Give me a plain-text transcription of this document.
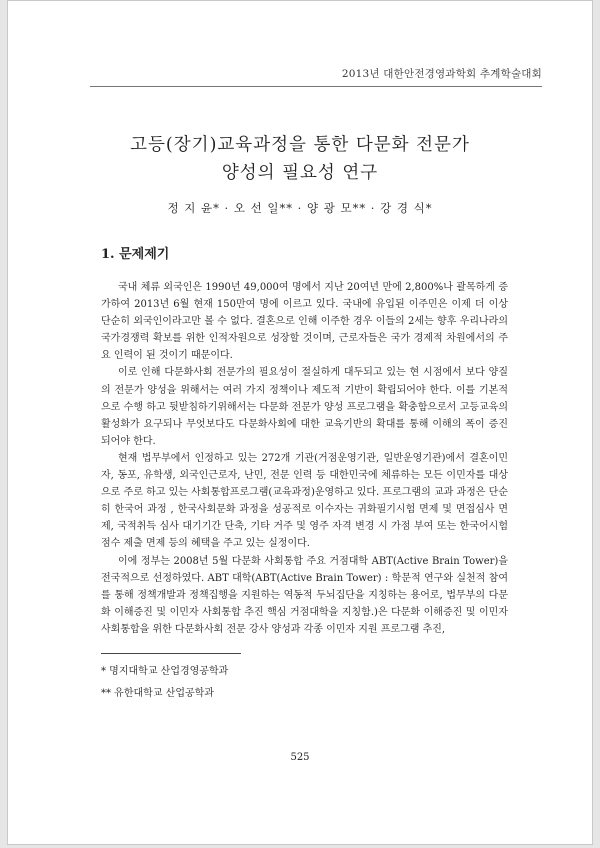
2013년 대한안전경영과학회 추계학술대회
고등(장기)교육과정을 통한 다문화 전문가
양성의 필요성 연구
정 지 윤* · 오 선 일** · 양 광 모** · 강 경 식*
1. 문제제기

국내 체류 외국인은 1990년 49,000여 명에서 지난 20여년 만에 2,800%나 괄목하게 증가하여 2013년 6월 현재 150만여 명에 이르고 있다. 국내에 유입된 이주민은 이제 더 이상 단순히 외국인이라고만 볼 수 없다. 결혼으로 인해 이주한 경우 이들의 2세는 향후 우리나라의 국가경쟁력 확보를 위한 인적자원으로 성장할 것이며, 근로자들은 국가 경제적 차원에서의 주요 인력이 된 것이기 때문이다.

이로 인해 다문화사회 전문가의 필요성이 절실하게 대두되고 있는 현 시점에서 보다 양질의 전문가 양성을 위해서는 여러 가지 정책이나 제도적 기반이 확립되어야 한다. 이를 기본적으로 수행 하고 뒷받침하기위해서는 다문화 전문가 양성 프로그램을 확충함으로서 고등교육의 활성화가 요구되나 무엇보다도 다문화사회에 대한 교육기반의 확대를 통해 이해의 폭이 증진되어야 한다.

현재 법무부에서 인정하고 있는 272개 기관(거점운영기관, 일반운영기관)에서 결혼이민자, 동포, 유학생, 외국인근로자, 난민, 전문 인력 등 대한민국에 체류하는 모든 이민자를 대상으로 주로 하고 있는 사회통합프로그램(교육과정)운영하고 있다. 프로그램의 교과 과정은 단순히 한국어 과정 , 한국사회문화 과정을 성공적로 이수자는 귀화필기시험 면제 및 면접심사 면제, 국적취득 심사 대기기간 단축, 기타 거주 및 영주 자격 변경 시 가점 부여 또는 한국어시험점수 제출 면제 등의 혜택을 주고 있는 실정이다.

이에 정부는 2008년 5월 다문화 사회통합 주요 거점대학 ABT(Active Brain Tower)을 전국적으로 선정하였다. ABT 대학(ABT(Active Brain Tower) : 학문적 연구와 실천적 참여를 통해 정책개발과 정책집행을 지원하는 역동적 두뇌집단을 지칭하는 용어로, 법무부의 다문화 이해증진 및 이민자 사회통합 추진 핵심 거점대학을 지칭함.)은 다문화 이해증진 및 이민자 사회통합을 위한 다문화사회 전문 강사 양성과 각종 이민자 지원 프로그램 추진,

* 명지대학교 산업경영공학과
** 유한대학교 산업공학과
525
